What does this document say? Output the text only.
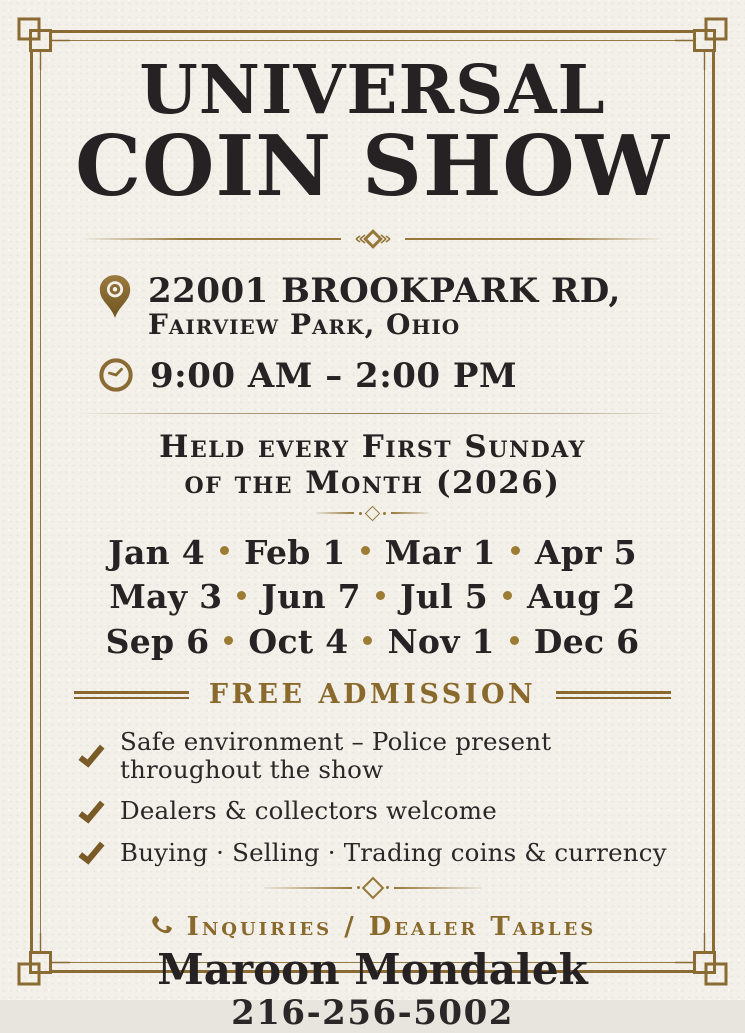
UNIVERSAL
COIN SHOW
22001 BROOKPARK RD,
Fairview Park, Ohio
9:00 AM – 2:00 PM
Held every First Sunday
of the Month (2026)
Jan 4 Feb 1 Mar 1 Apr 5
May 3 Jun 7 Jul 5 Aug 2
Sep 6 Oct 4 Nov 1 Dec 6
FREE ADMISSION
Safe environment – Police present throughout the show
Dealers & collectors welcome
Buying · Selling · Trading coins & currency
Inquiries / Dealer Tables
Maroon Mondalek
216-256-5002
